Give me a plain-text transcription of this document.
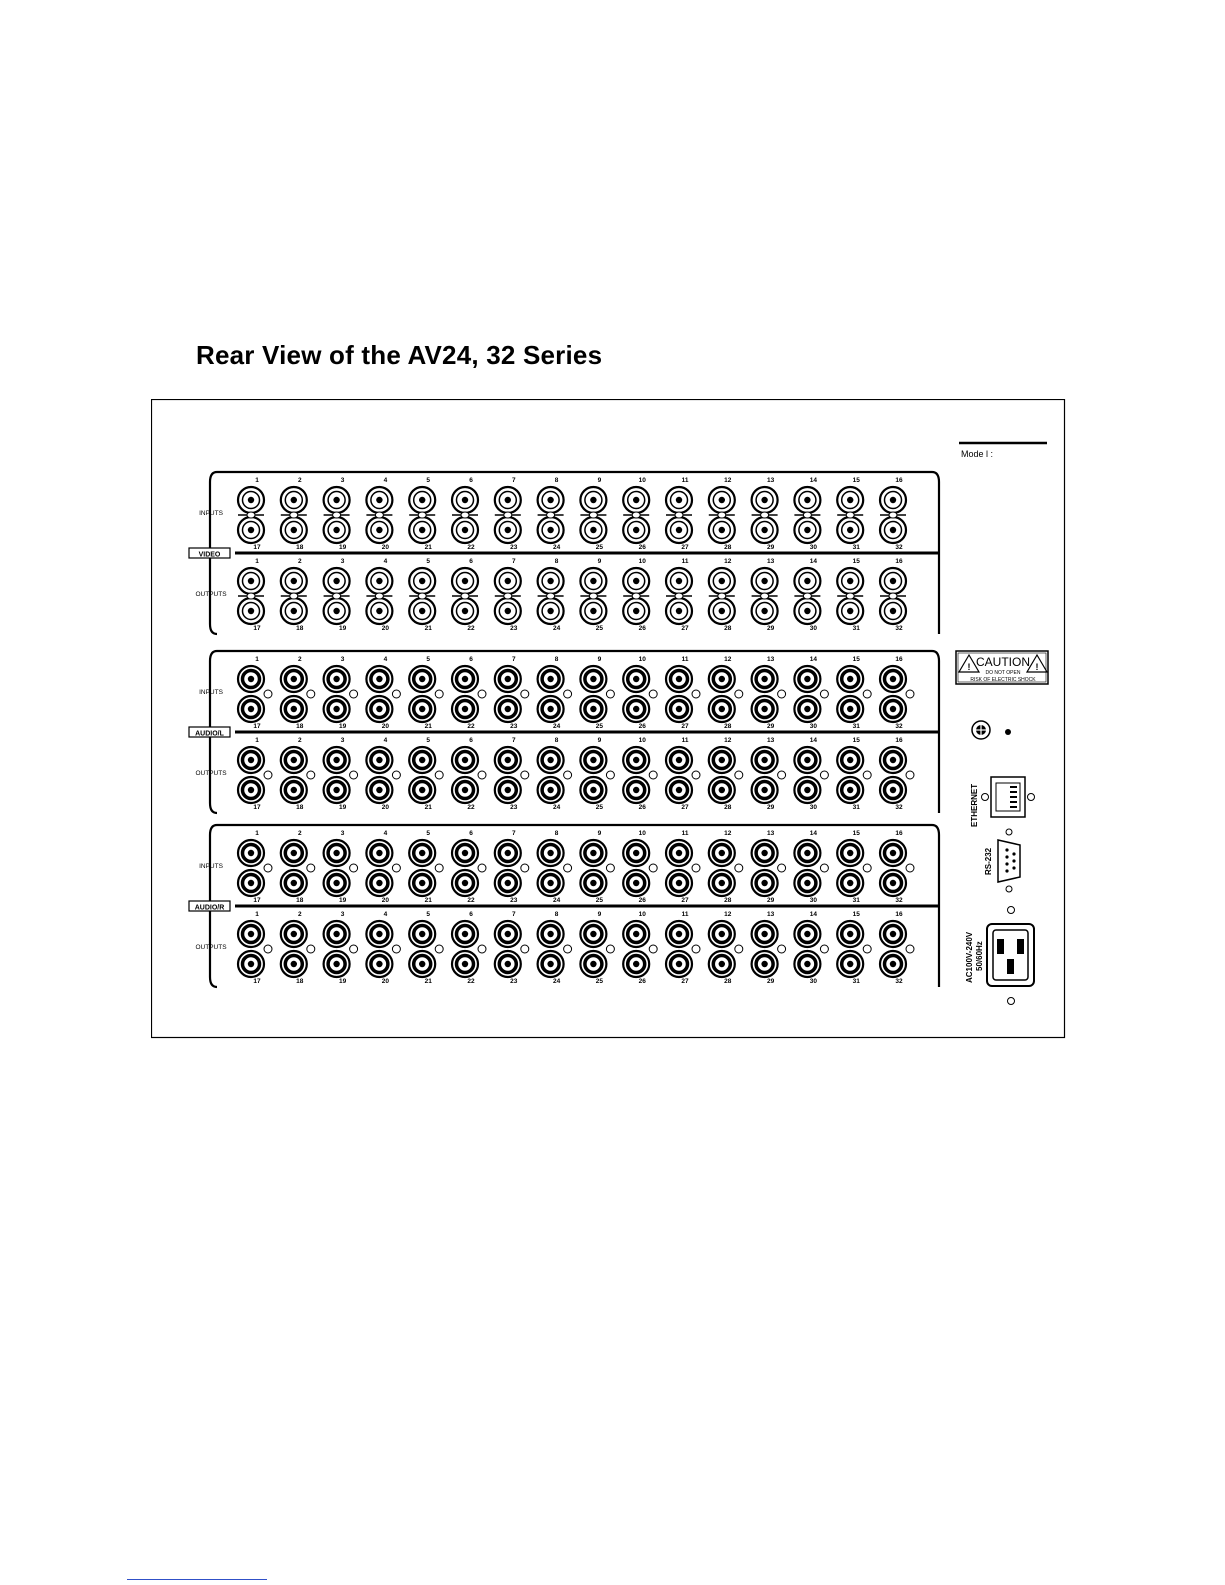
Rear View of the AV24, 32 Series
VIDEO
INPUTS
1
17
2
18
3
19
4
20
5
21
6
22
7
23
8
24
9
25
10
26
11
27
12
28
13
29
14
30
15
31
16
32
OUTPUTS
1
17
2
18
3
19
4
20
5
21
6
22
7
23
8
24
9
25
10
26
11
27
12
28
13
29
14
30
15
31
16
32
AUDIO/L
INPUTS
1
17
2
18
3
19
4
20
5
21
6
22
7
23
8
24
9
25
10
26
11
27
12
28
13
29
14
30
15
31
16
32
OUTPUTS
1
17
2
18
3
19
4
20
5
21
6
22
7
23
8
24
9
25
10
26
11
27
12
28
13
29
14
30
15
31
16
32
AUDIO/R
INPUTS
1
17
2
18
3
19
4
20
5
21
6
22
7
23
8
24
9
25
10
26
11
27
12
28
13
29
14
30
15
31
16
32
OUTPUTS
1
17
2
18
3
19
4
20
5
21
6
22
7
23
8
24
9
25
10
26
11
27
12
28
13
29
14
30
15
31
16
32
Mode l :
!	!
CAUTION
DO NOT OPEN
RISK OF ELECTRIC SHOCK
ETHERNET
RS-232
AC100V-240V 50/60Hz
